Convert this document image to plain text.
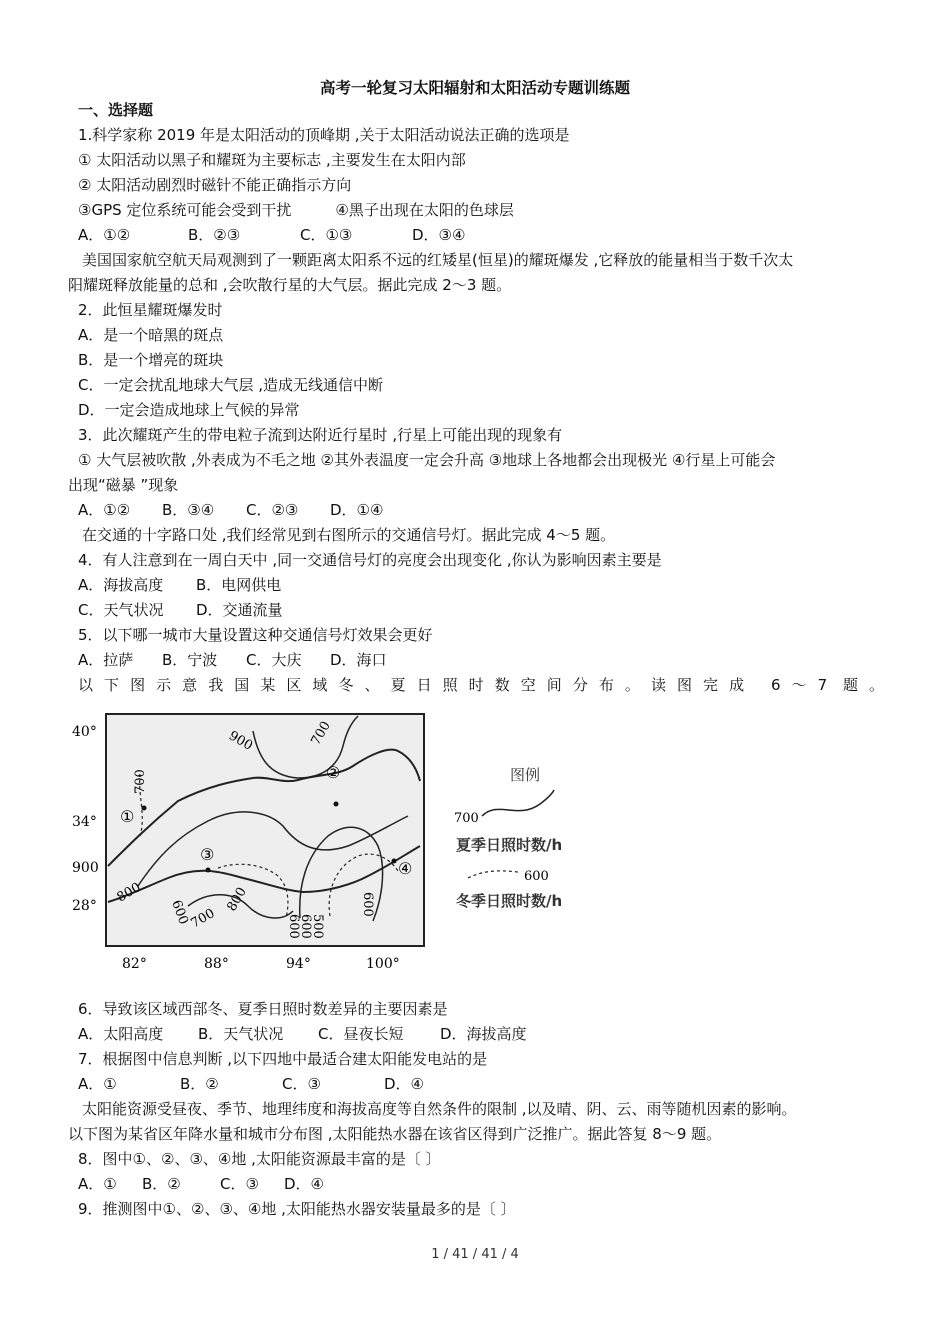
高考一轮复习太阳辐射和太阳活动专题训练题
一、选择题
1.科学家称 2019 年是太阳活动的顶峰期 ,关于太阳活动说法正确的选项是
① 太阳活动以黑子和耀斑为主要标志 ,主要发生在太阳内部
② 太阳活动剧烈时磁针不能正确指示方向
③GPS 定位系统可能会受到干扰	④黑子出现在太阳的色球层
A．①②	B．②③	C．①③	D．③④
美国国家航空航天局观测到了一颗距离太阳系不远的红矮星(恒星)的耀斑爆发 ,它释放的能量相当于数千次太
阳耀斑释放能量的总和 ,会吹散行星的大气层。据此完成 2～3 题。
2．此恒星耀斑爆发时
A．是一个暗黑的斑点
B．是一个增亮的斑块
C．一定会扰乱地球大气层 ,造成无线通信中断
D．一定会造成地球上气候的异常
3．此次耀斑产生的带电粒子流到达附近行星时 ,行星上可能出现的现象有
① 大气层被吹散 ,外表成为不毛之地 ②其外表温度一定会升高 ③地球上各地都会出现极光 ④行星上可能会
出现“磁暴 ”现象
A．①② B．③④ C．②③ D．①④
在交通的十字路口处 ,我们经常见到右图所示的交通信号灯。据此完成 4～5 题。
4．有人注意到在一周白天中 ,同一交通信号灯的亮度会出现变化 ,你认为影响因素主要是
A．海拔高度 B．电网供电
C．天气状况 D．交通流量
5．以下哪一城市大量设置这种交通信号灯效果会更好
A．拉萨 B．宁波 C．大庆 D．海口
以下图示意我国某区域冬、夏日照时数空间分布。读图完成 6～7 题。
①
②
③
④
900	700
700
800
600
700
800
600
600
500
600
40°
34°
900
28°
82°	88°	94°	100°
图例
700
夏季日照时数/h
600
冬季日照时数/h
6．导致该区域西部冬、夏季日照时数差异的主要因素是
A．太阳高度 B．天气状况 C．昼夜长短 D．海拔高度
7．根据图中信息判断 ,以下四地中最适合建太阳能发电站的是
A．①	B．②	C．③	D．④
太阳能资源受昼夜、季节、地理纬度和海拔高度等自然条件的限制 ,以及晴、阴、云、雨等随机因素的影响。
以下图为某省区年降水量和城市分布图 ,太阳能热水器在该省区得到广泛推广。据此答复 8～9 题。
8．图中①、②、③、④地 ,太阳能资源最丰富的是〔 〕
A．① B．②	C．③ D．④
9．推测图中①、②、③、④地 ,太阳能热水器安装量最多的是〔 〕
1 / 41 / 41 / 4
